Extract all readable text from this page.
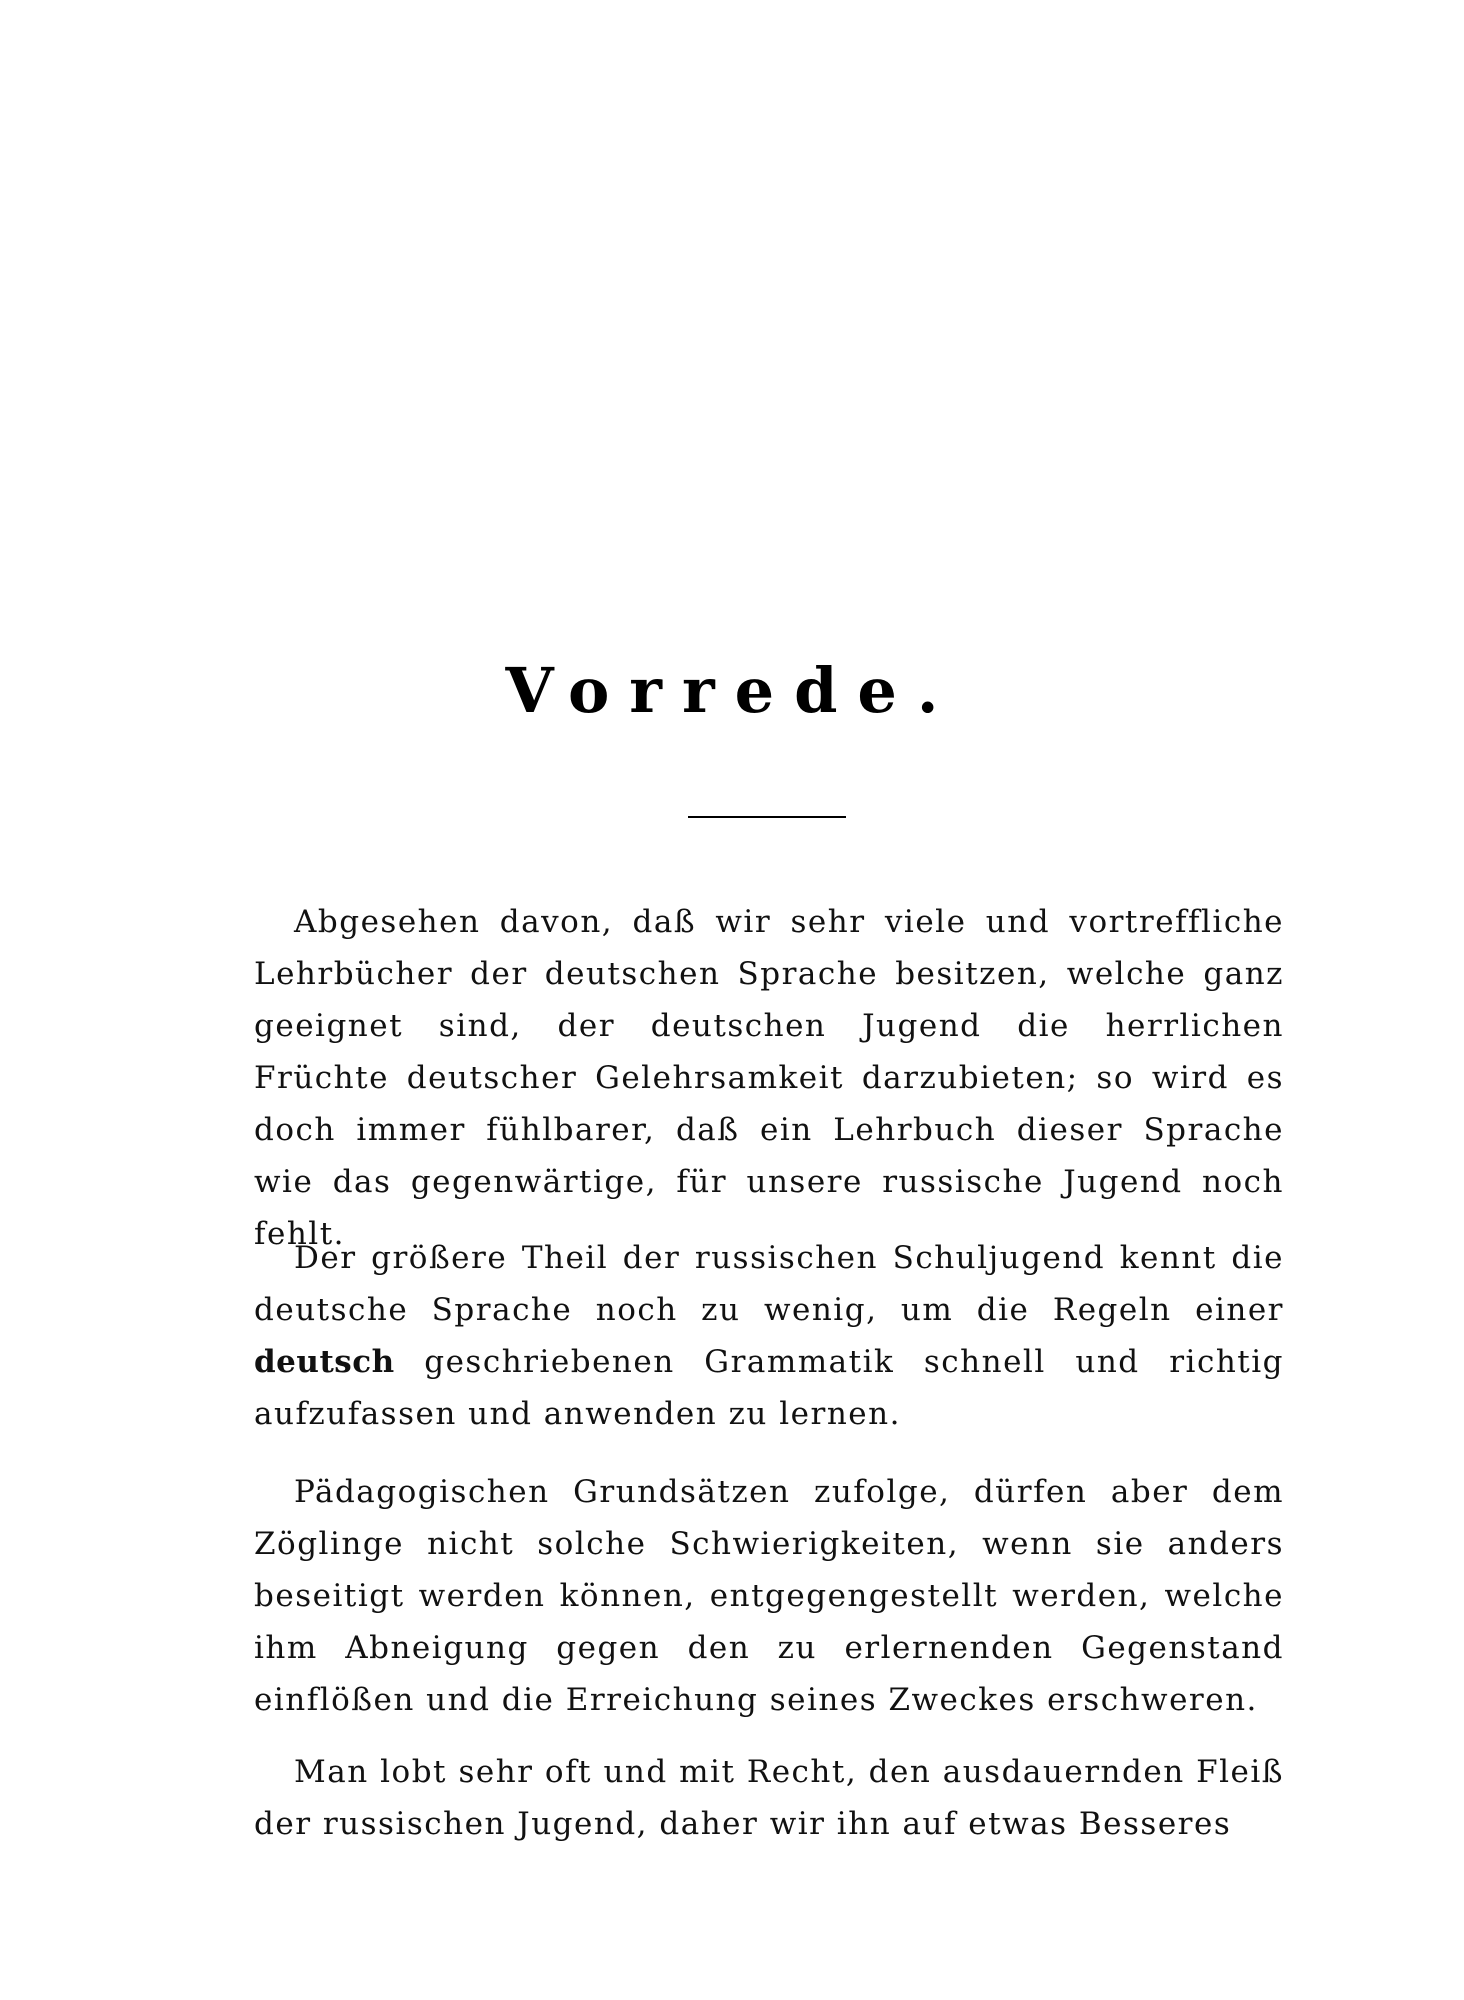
Vorrede.
Abgesehen davon, daß wir sehr viele und vortreffliche Lehrbücher der deutschen Sprache besitzen, welche ganz geeignet sind, der deutschen Jugend die herrlichen Früchte deutscher Gelehrsamkeit darzubieten; so wird es doch immer fühlbarer, daß ein Lehrbuch dieser Sprache wie das gegenwärtige, für unsere russische Jugend noch fehlt.
Der größere Theil der russischen Schuljugend kennt die deutsche Sprache noch zu wenig, um die Regeln einer deutsch geschriebenen Grammatik schnell und richtig aufzufassen und anwenden zu lernen.
Pädagogischen Grundsätzen zufolge, dürfen aber dem Zöglinge nicht solche Schwierigkeiten, wenn sie anders beseitigt werden können, entgegengestellt werden, welche ihm Abneigung gegen den zu erlernenden Gegenstand einflößen und die Erreichung seines Zweckes erschweren.
Man lobt sehr oft und mit Recht, den ausdauernden Fleiß der russischen Jugend, daher wir ihn auf etwas Besseres
